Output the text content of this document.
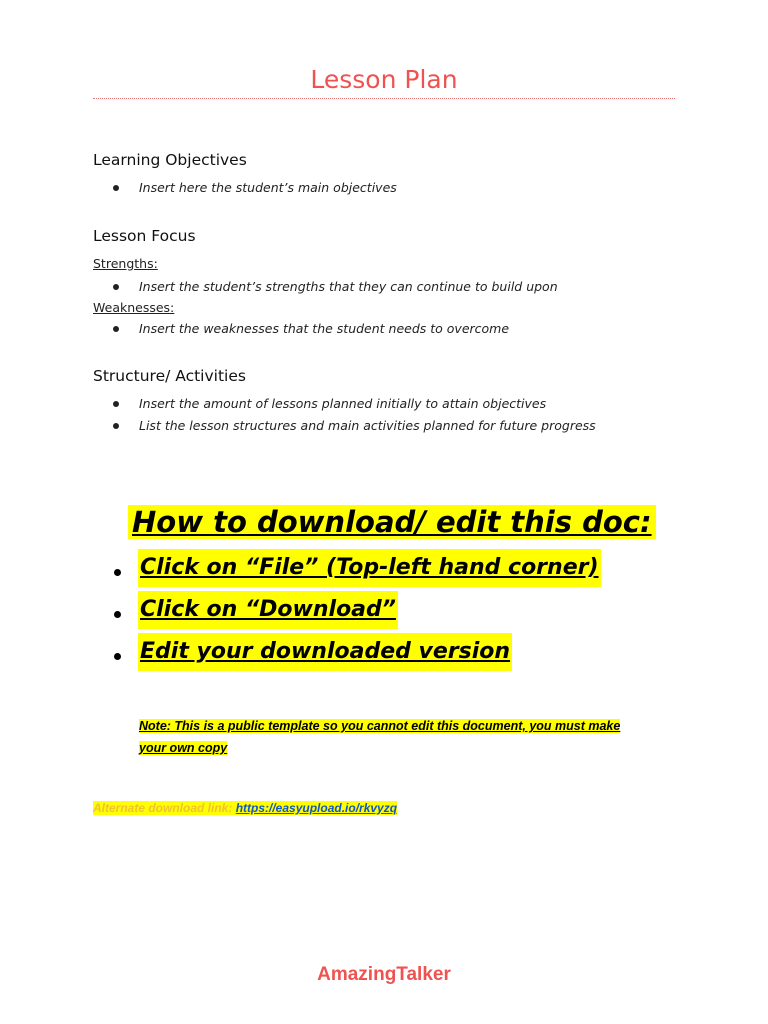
Lesson Plan
Learning Objectives
Insert here the student’s main objectives
Lesson Focus
Strengths:
Insert the student’s strengths that they can continue to build upon
Weaknesses:
Insert the weaknesses that the student needs to overcome
Structure/ Activities
Insert the amount of lessons planned initially to attain objectives
List the lesson structures and main activities planned for future progress
How to download/ edit this doc:
Click on “File” (Top-left hand corner)
Click on “Download”
Edit your downloaded version

Note: This is a public template so you cannot edit this document, you must make
your own copy

Alternate download link: https://easyupload.io/rkvyzq
AmazingTalker
